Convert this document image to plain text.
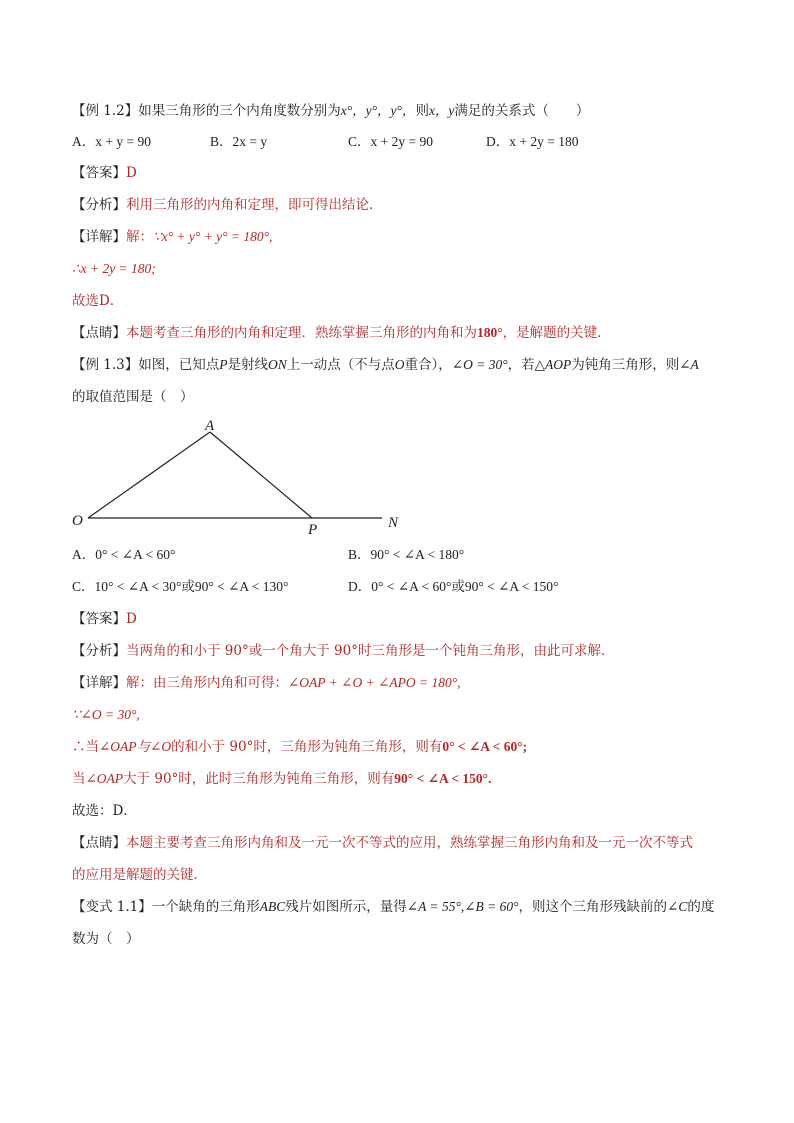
【例 1.2】如果三角形的三个内角度数分别为x°，y°，y°，则x，y满足的关系式（　　）
A．x + y = 90	B．2x = y	C．x + 2y = 90	D．x + 2y = 180
【答案】D
【分析】利用三角形的内角和定理，即可得出结论．
【详解】解：∵x° + y° + y° = 180°,
∴x + 2y = 180;
故选D．
【点睛】本题考查三角形的内角和定理．熟练掌握三角形的内角和为180°，是解题的关键．
【例 1.3】如图，已知点P是射线ON上一动点（不与点O重合），∠O = 30°，若△AOP为钝角三角形，则∠A
的取值范围是（　）
A
O
P	N
A．0° < ∠A < 60°	B．90° < ∠A < 180°
C．10° < ∠A < 30°或90° < ∠A < 130°	D．0° < ∠A < 60°或90° < ∠A < 150°
【答案】D
【分析】当两角的和小于 90°或一个角大于 90°时三角形是一个钝角三角形，由此可求解．
【详解】解：由三角形内角和可得：∠OAP + ∠O + ∠APO = 180°,
∵∠O = 30°,
∴当∠OAP与∠O的和小于 90°时，三角形为钝角三角形，则有0° < ∠A < 60°;
当∠OAP大于 90°时，此时三角形为钝角三角形，则有90° < ∠A < 150°.
故选：D．
【点睛】本题主要考查三角形内角和及一元一次不等式的应用，熟练掌握三角形内角和及一元一次不等式
的应用是解题的关键．
【变式 1.1】一个缺角的三角形ABC残片如图所示，量得∠A = 55°,∠B = 60°，则这个三角形残缺前的∠C的度
数为（　）
